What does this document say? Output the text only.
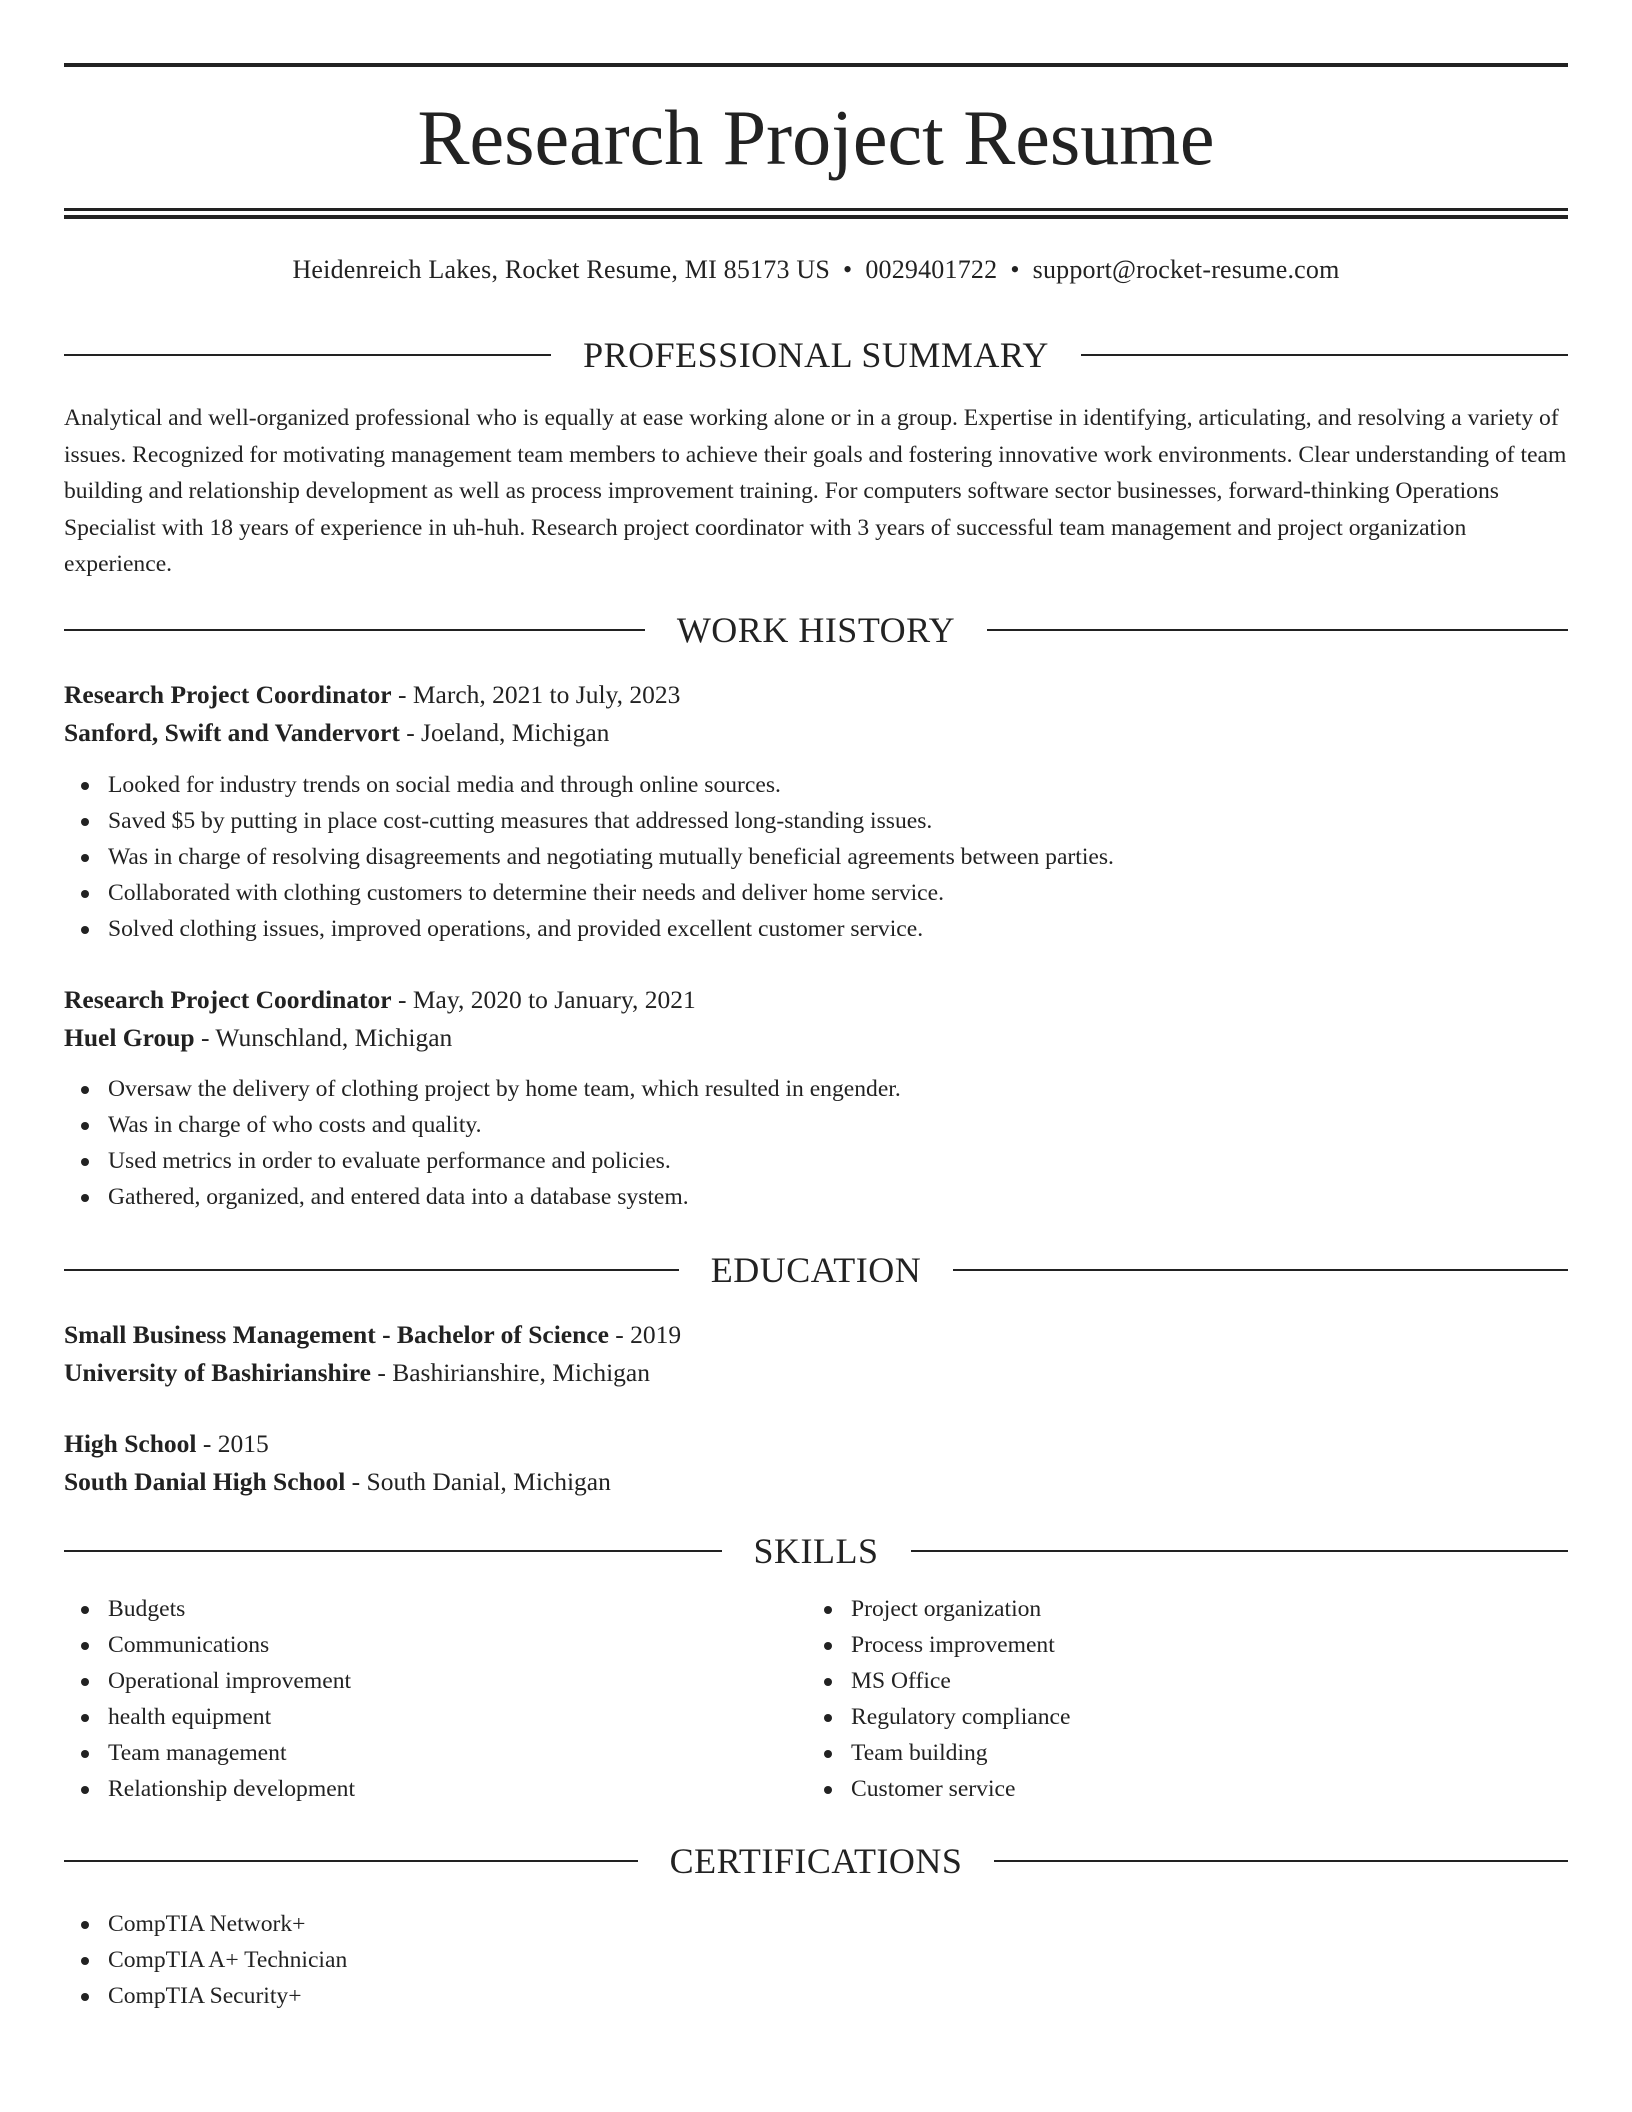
Research Project Resume
Heidenreich Lakes, Rocket Resume, MI 85173 US • 0029401722 • support@rocket-resume.com
PROFESSIONAL SUMMARY

Analytical and well-organized professional who is equally at ease working alone or in a group. Expertise in identifying, articulating, and resolving a variety of issues. Recognized for motivating management team members to achieve their goals and fostering innovative work environments. Clear understanding of team building and relationship development as well as process improvement training. For computers software sector businesses, forward-thinking Operations Specialist with 18 years of experience in uh-huh. Research project coordinator with 3 years of successful team management and project organization experience.

WORK HISTORY
Research Project Coordinator - March, 2021 to July, 2023
Sanford, Swift and Vandervort - Joeland, Michigan
Looked for industry trends on social media and through online sources.
Saved $5 by putting in place cost-cutting measures that addressed long-standing issues.
Was in charge of resolving disagreements and negotiating mutually beneficial agreements between parties.
Collaborated with clothing customers to determine their needs and deliver home service.
Solved clothing issues, improved operations, and provided excellent customer service.
Research Project Coordinator - May, 2020 to January, 2021
Huel Group - Wunschland, Michigan
Oversaw the delivery of clothing project by home team, which resulted in engender.
Was in charge of who costs and quality.
Used metrics in order to evaluate performance and policies.
Gathered, organized, and entered data into a database system.
EDUCATION
Small Business Management - Bachelor of Science - 2019
University of Bashirianshire - Bashirianshire, Michigan
High School - 2015
South Danial High School - South Danial, Michigan
SKILLS
Budgets
Communications
Operational improvement
health equipment
Team management
Relationship development
Project organization
Process improvement
MS Office
Regulatory compliance
Team building
Customer service
CERTIFICATIONS
CompTIA Network+
CompTIA A+ Technician
CompTIA Security+
